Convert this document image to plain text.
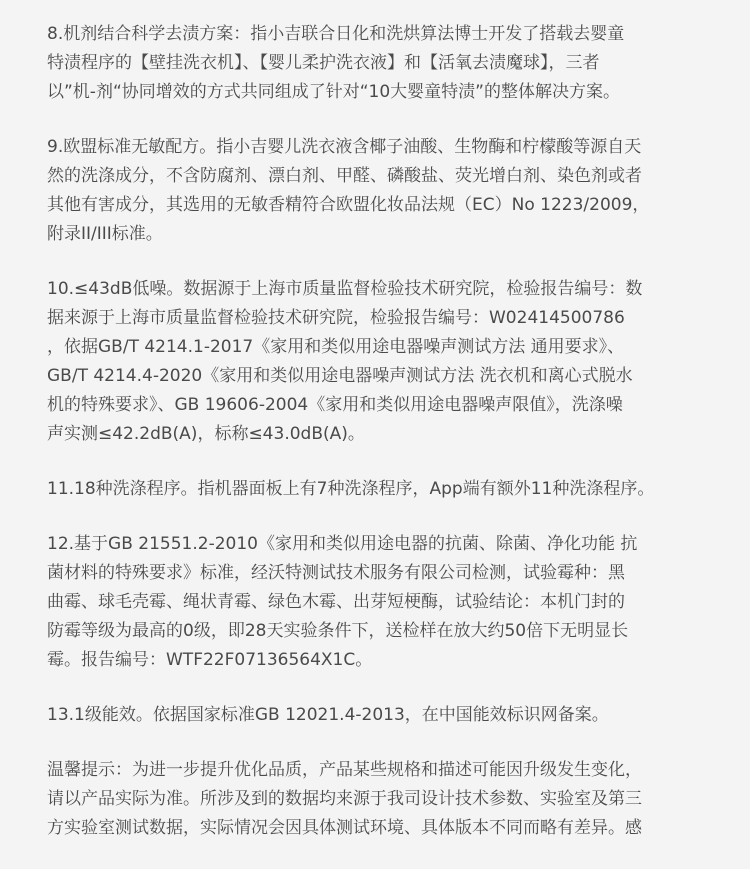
8.机剂结合科学去渍方案：指小吉联合日化和洗烘算法博士开发了搭载去婴童
特渍程序的【壁挂洗衣机】、【婴儿柔护洗衣液】和【活氧去渍魔球】，三者
以”机-剂“协同增效的方式共同组成了针对“10大婴童特渍”的整体解决方案。

9.欧盟标准无敏配方。指小吉婴儿洗衣液含椰子油酸、生物酶和柠檬酸等源自天
然的洗涤成分，不含防腐剂、漂白剂、甲醛、磷酸盐、荧光增白剂、染色剂或者
其他有害成分，其选用的无敏香精符合欧盟化妆品法规（EC）No 1223/2009，
附录II/III标准。

10.≤43dB低噪。数据源于上海市质量监督检验技术研究院，检验报告编号：数
据来源于上海市质量监督检验技术研究院，检验报告编号：W02414500786
，依据GB/T 4214.1-2017《家用和类似用途电器噪声测试方法 通用要求》、
GB/T 4214.4-2020《家用和类似用途电器噪声测试方法 洗衣机和离心式脱水
机的特殊要求》、GB 19606-2004《家用和类似用途电器噪声限值》，洗涤噪
声实测≤42.2dB(A)，标称≤43.0dB(A)。

11.18种洗涤程序。指机器面板上有7种洗涤程序，App端有额外11种洗涤程序。

12.基于GB 21551.2-2010《家用和类似用途电器的抗菌、除菌、净化功能 抗
菌材料的特殊要求》标准，经沃特测试技术服务有限公司检测，试验霉种：黑
曲霉、球毛壳霉、绳状青霉、绿色木霉、出芽短梗酶，试验结论：本机门封的
防霉等级为最高的0级，即28天实验条件下，送检样在放大约50倍下无明显长
霉。报告编号：WTF22F07136564X1C。

13.1级能效。依据国家标准GB 12021.4-2013，在中国能效标识网备案。

温馨提示：为进一步提升优化品质，产品某些规格和描述可能因升级发生变化，
请以产品实际为准。所涉及到的数据均来源于我司设计技术参数、实验室及第三
方实验室测试数据，实际情况会因具体测试环境、具体版本不同而略有差异。感
